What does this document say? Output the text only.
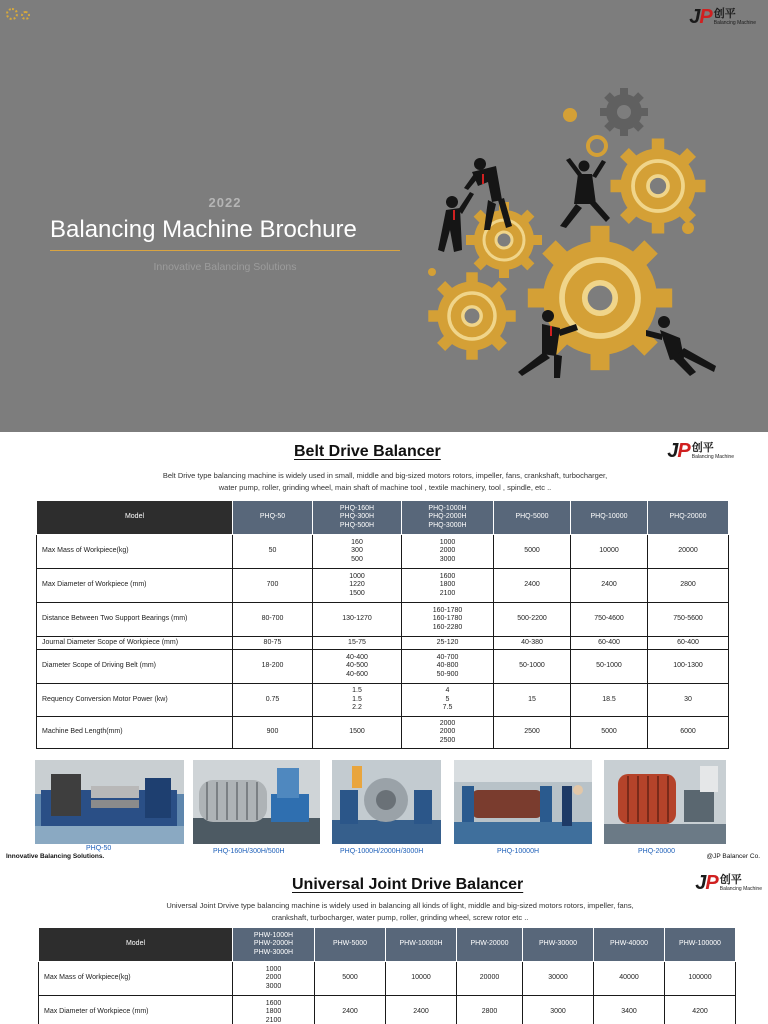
JP 创平
Balancing Machine
2022
Balancing Machine Brochure
Innovative Balancing Solutions
Belt Drive Balancer	JP 创平
Balancing Machine
Belt Drive type balancing machine is widely used in small, middle and big-sized motors rotors, impeller, fans, crankshaft, turbocharger,
water pump, roller, grinding wheel, main shaft of machine tool , textile machinery, tool , spindle, etc ..
Model	PHQ-50	PHQ-160H
PHQ-300H
PHQ-500H	PHQ-1000H
PHQ-2000H
PHQ-3000H	PHQ-5000	PHQ-10000	PHQ-20000
Max Mass of Workpiece(kg)	50	160
300
500	1000
2000
3000	5000	10000	20000
Max Diameter of Workpiece (mm)	700	1000
1220
1500	1600
1800
2100	2400	2400	2800
Distance Between Two Support Bearings (mm)	80-700	130-1270	160-1780
160-1780
160-2280	500-2200	750-4600	750-5600
Journal Diameter Scope of Workpiece (mm)	80-75	15-75	25-120	40-380	60-400	60-400
Diameter Scope of Driving Belt (mm)	18-200	40-400
40-500
40-600	40-700
40-800
50-900	50-1000	50-1000	100-1300
Requency Conversion Motor Power (kw)	0.75	1.5
1.5
2.2	4
5
7.5	15	18.5	30
Machine Bed Length(mm)	900	1500	2000
2000
2500	2500	5000	6000
PHQ-50	PHQ-160H/300H/500H	PHQ-1000H/2000H/3000H	PHQ-10000H	PHQ-20000
Innovative Balancing Solutions.	@JP Balancer Co.
Universal Joint Drive Balancer	JP 创平
Balancing Machine
Universal Joint Drvive type balancing machine is widely used in balancing all kinds of light, middle and big-sized motors rotors, impeller, fans,
crankshaft, turbocharger, water pump, roller, grinding wheel, screw rotor etc ..
Model	PHW-1000H
PHW-2000H
PHW-3000H	PHW-5000	PHW-10000H	PHW-20000	PHW-30000	PHW-40000	PHW-100000
Max Mass of Workpiece(kg)	1000
2000
3000	5000	10000	20000	30000	40000	100000
Max Diameter of Workpiece (mm)	1600
1800
2100	2400	2400	2800	3000	3400	4200
